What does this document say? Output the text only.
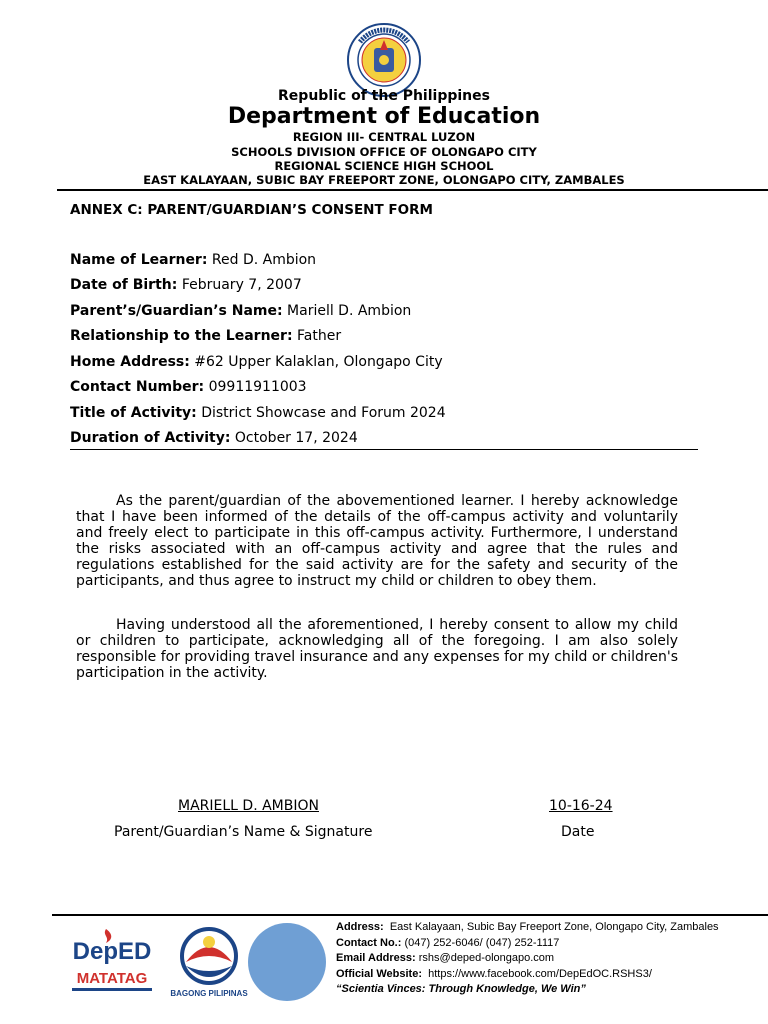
Republic of the Philippines
Department of Education
REGION III- CENTRAL LUZON
SCHOOLS DIVISION OFFICE OF OLONGAPO CITY
REGIONAL SCIENCE HIGH SCHOOL
EAST KALAYAAN, SUBIC BAY FREEPORT ZONE, OLONGAPO CITY, ZAMBALES
ANNEX C: PARENT/GUARDIAN’S CONSENT FORM
Name of Learner: Red D. Ambion
Date of Birth: February 7, 2007
Parent’s/Guardian’s Name: Mariell D. Ambion
Relationship to the Learner: Father
Home Address: #62 Upper Kalaklan, Olongapo City
Contact Number: 09911911003
Title of Activity: District Showcase and Forum 2024
Duration of Activity: October 17, 2024
As the parent/guardian of the abovementioned learner. I hereby acknowledge that I have been informed of the details of the off-campus activity and voluntarily and freely elect to participate in this off-campus activity. Furthermore, I understand the risks associated with an off-campus activity and agree that the rules and regulations established for the said activity are for the safety and security of the participants, and thus agree to instruct my child or children to obey them.
Having understood all the aforementioned, I hereby consent to allow my child or children to participate, acknowledging all of the foregoing. I am also solely responsible for providing travel insurance and any expenses for my child or children's participation in the activity.
MARIELL D. AMBION	10-16-24
Parent/Guardian’s Name & Signature	Date
DepED
MATATAG
BAGONG PILIPINAS
Address: East Kalayaan, Subic Bay Freeport Zone, Olongapo City, Zambales
Contact No.: (047) 252-6046/ (047) 252-1117
Email Address: rshs@deped-olongapo.com
Official Website: https://www.facebook.com/DepEdOC.RSHS3/
“Scientia Vinces: Through Knowledge, We Win”
